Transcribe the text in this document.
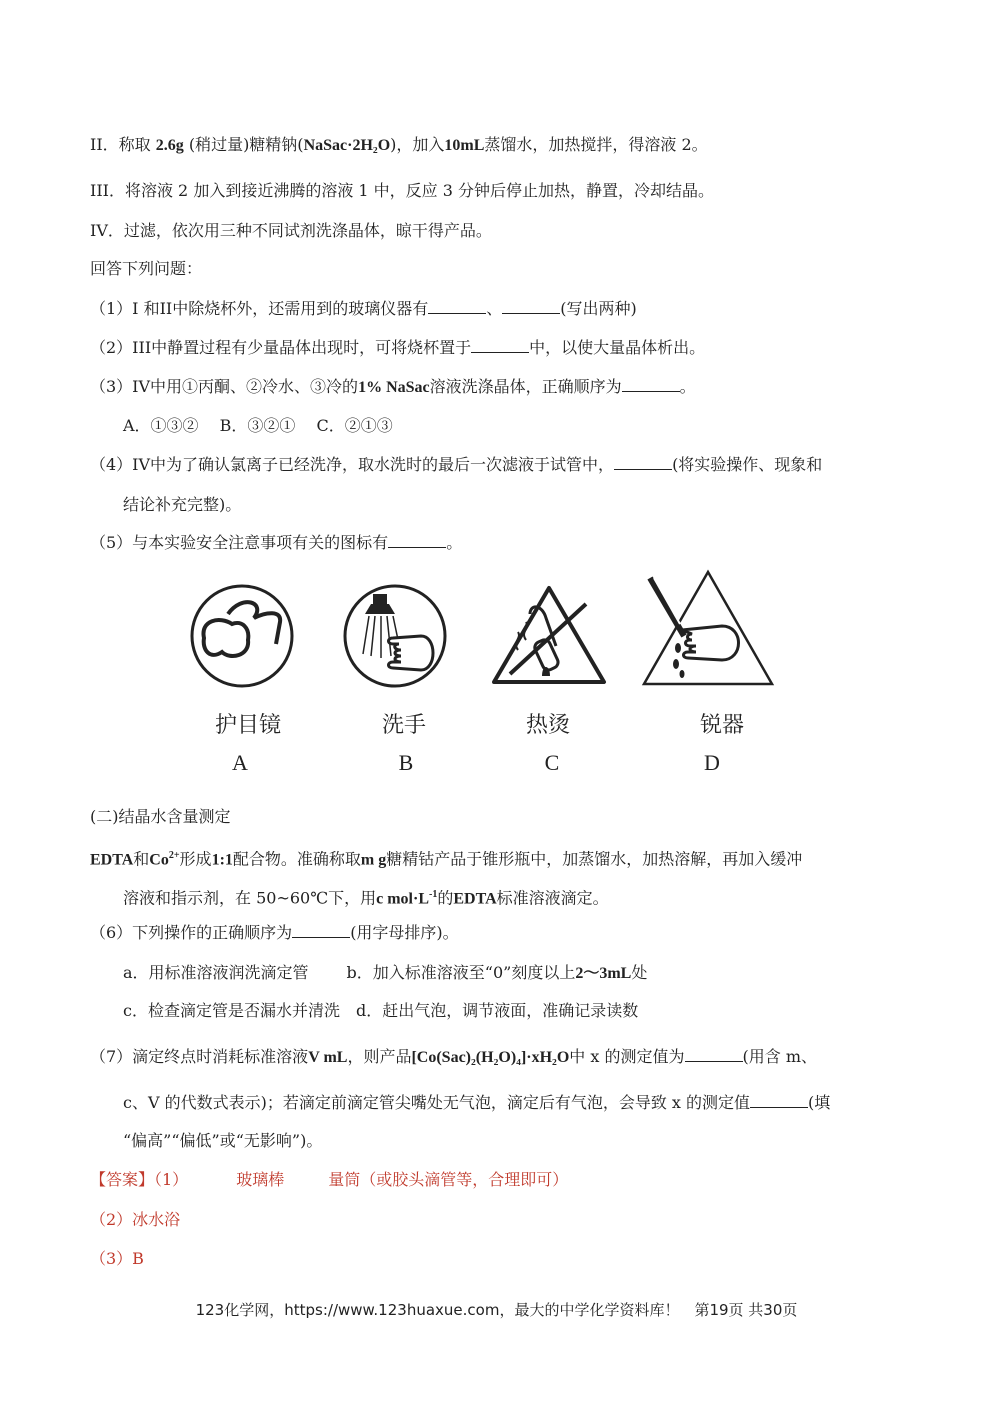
II．称取 2.6g (稍过量)糖精钠(NaSac·2H₂O)，加入10mL蒸馏水，加热搅拌，得溶液 2。
III．将溶液 2 加入到接近沸腾的溶液 1 中，反应 3 分钟后停止加热，静置，冷却结晶。
IV．过滤，依次用三种不同试剂洗涤晶体，晾干得产品。
回答下列问题：
（1）I 和II中除烧杯外，还需用到的玻璃仪器有	、	(写出两种)
（2）III中静置过程有少量晶体出现时，可将烧杯置于	中，以使大量晶体析出。
（3）IV中用①丙酮、②冷水、③冷的1% NaSac溶液洗涤晶体，正确顺序为	。
A．①③②　 B．③②①　 C．②①③
（4）IV中为了确认氯离子已经洗净，取水洗时的最后一次滤液于试管中，	(将实验操作、现象和
结论补充完整)。
（5）与本实验安全注意事项有关的图标有	。
护目镜	洗手	热烫	锐器
A	B	C	D
(二)结晶水含量测定
EDTA和$Co^{2+}$形成1:1配合物。准确称取m g糖精钴产品于锥形瓶中，加蒸馏水，加热溶解，再加入缓冲
溶液和指示剂，在 50~60℃下，用c $mol\cdot L^{-1}$的EDTA标准溶液滴定。
（6）下列操作的正确顺序为	(用字母排序)。
a．用标准溶液润洗滴定管 b．加入标准溶液至“0”刻度以上2～3mL处
c．检查滴定管是否漏水并清洗 d．赶出气泡，调节液面，准确记录读数
（7）滴定终点时消耗标准溶液V mL，则产品[Co(Sac)₂(H₂O)₄]·xH₂O中 x 的测定值为	(用含 m、
c、V 的代数式表示)；若滴定前滴定管尖嘴处无气泡，滴定后有气泡，会导致 x 的测定值	(填
“偏高”“偏低”或“无影响”)。
【答案】（1）	玻璃棒	量筒（或胶头滴管等，合理即可）
（2）冰水浴
（3）B
123化学网，https://www.123huaxue.com，最大的中学化学资料库！　第19页 共30页
